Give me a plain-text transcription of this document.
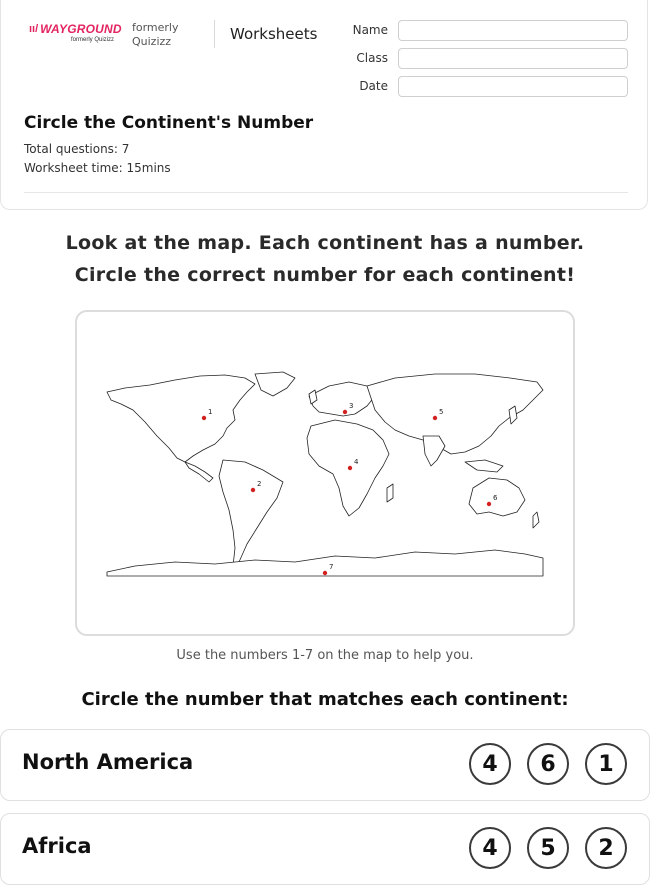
ıı/ WAYGROUND
formerly Quizizz
formerly
Quizizz	Worksheets	Name
Class
Date
Circle the Continent's Number
Total questions: 7
Worksheet time: 15mins
Look at the map. Each continent has a number.
Circle the correct number for each continent!
1
2
3
4
5
6
7
Use the numbers 1-7 on the map to help you.
Circle the number that matches each continent:
North America	4	6	1
Africa	4	5	2
